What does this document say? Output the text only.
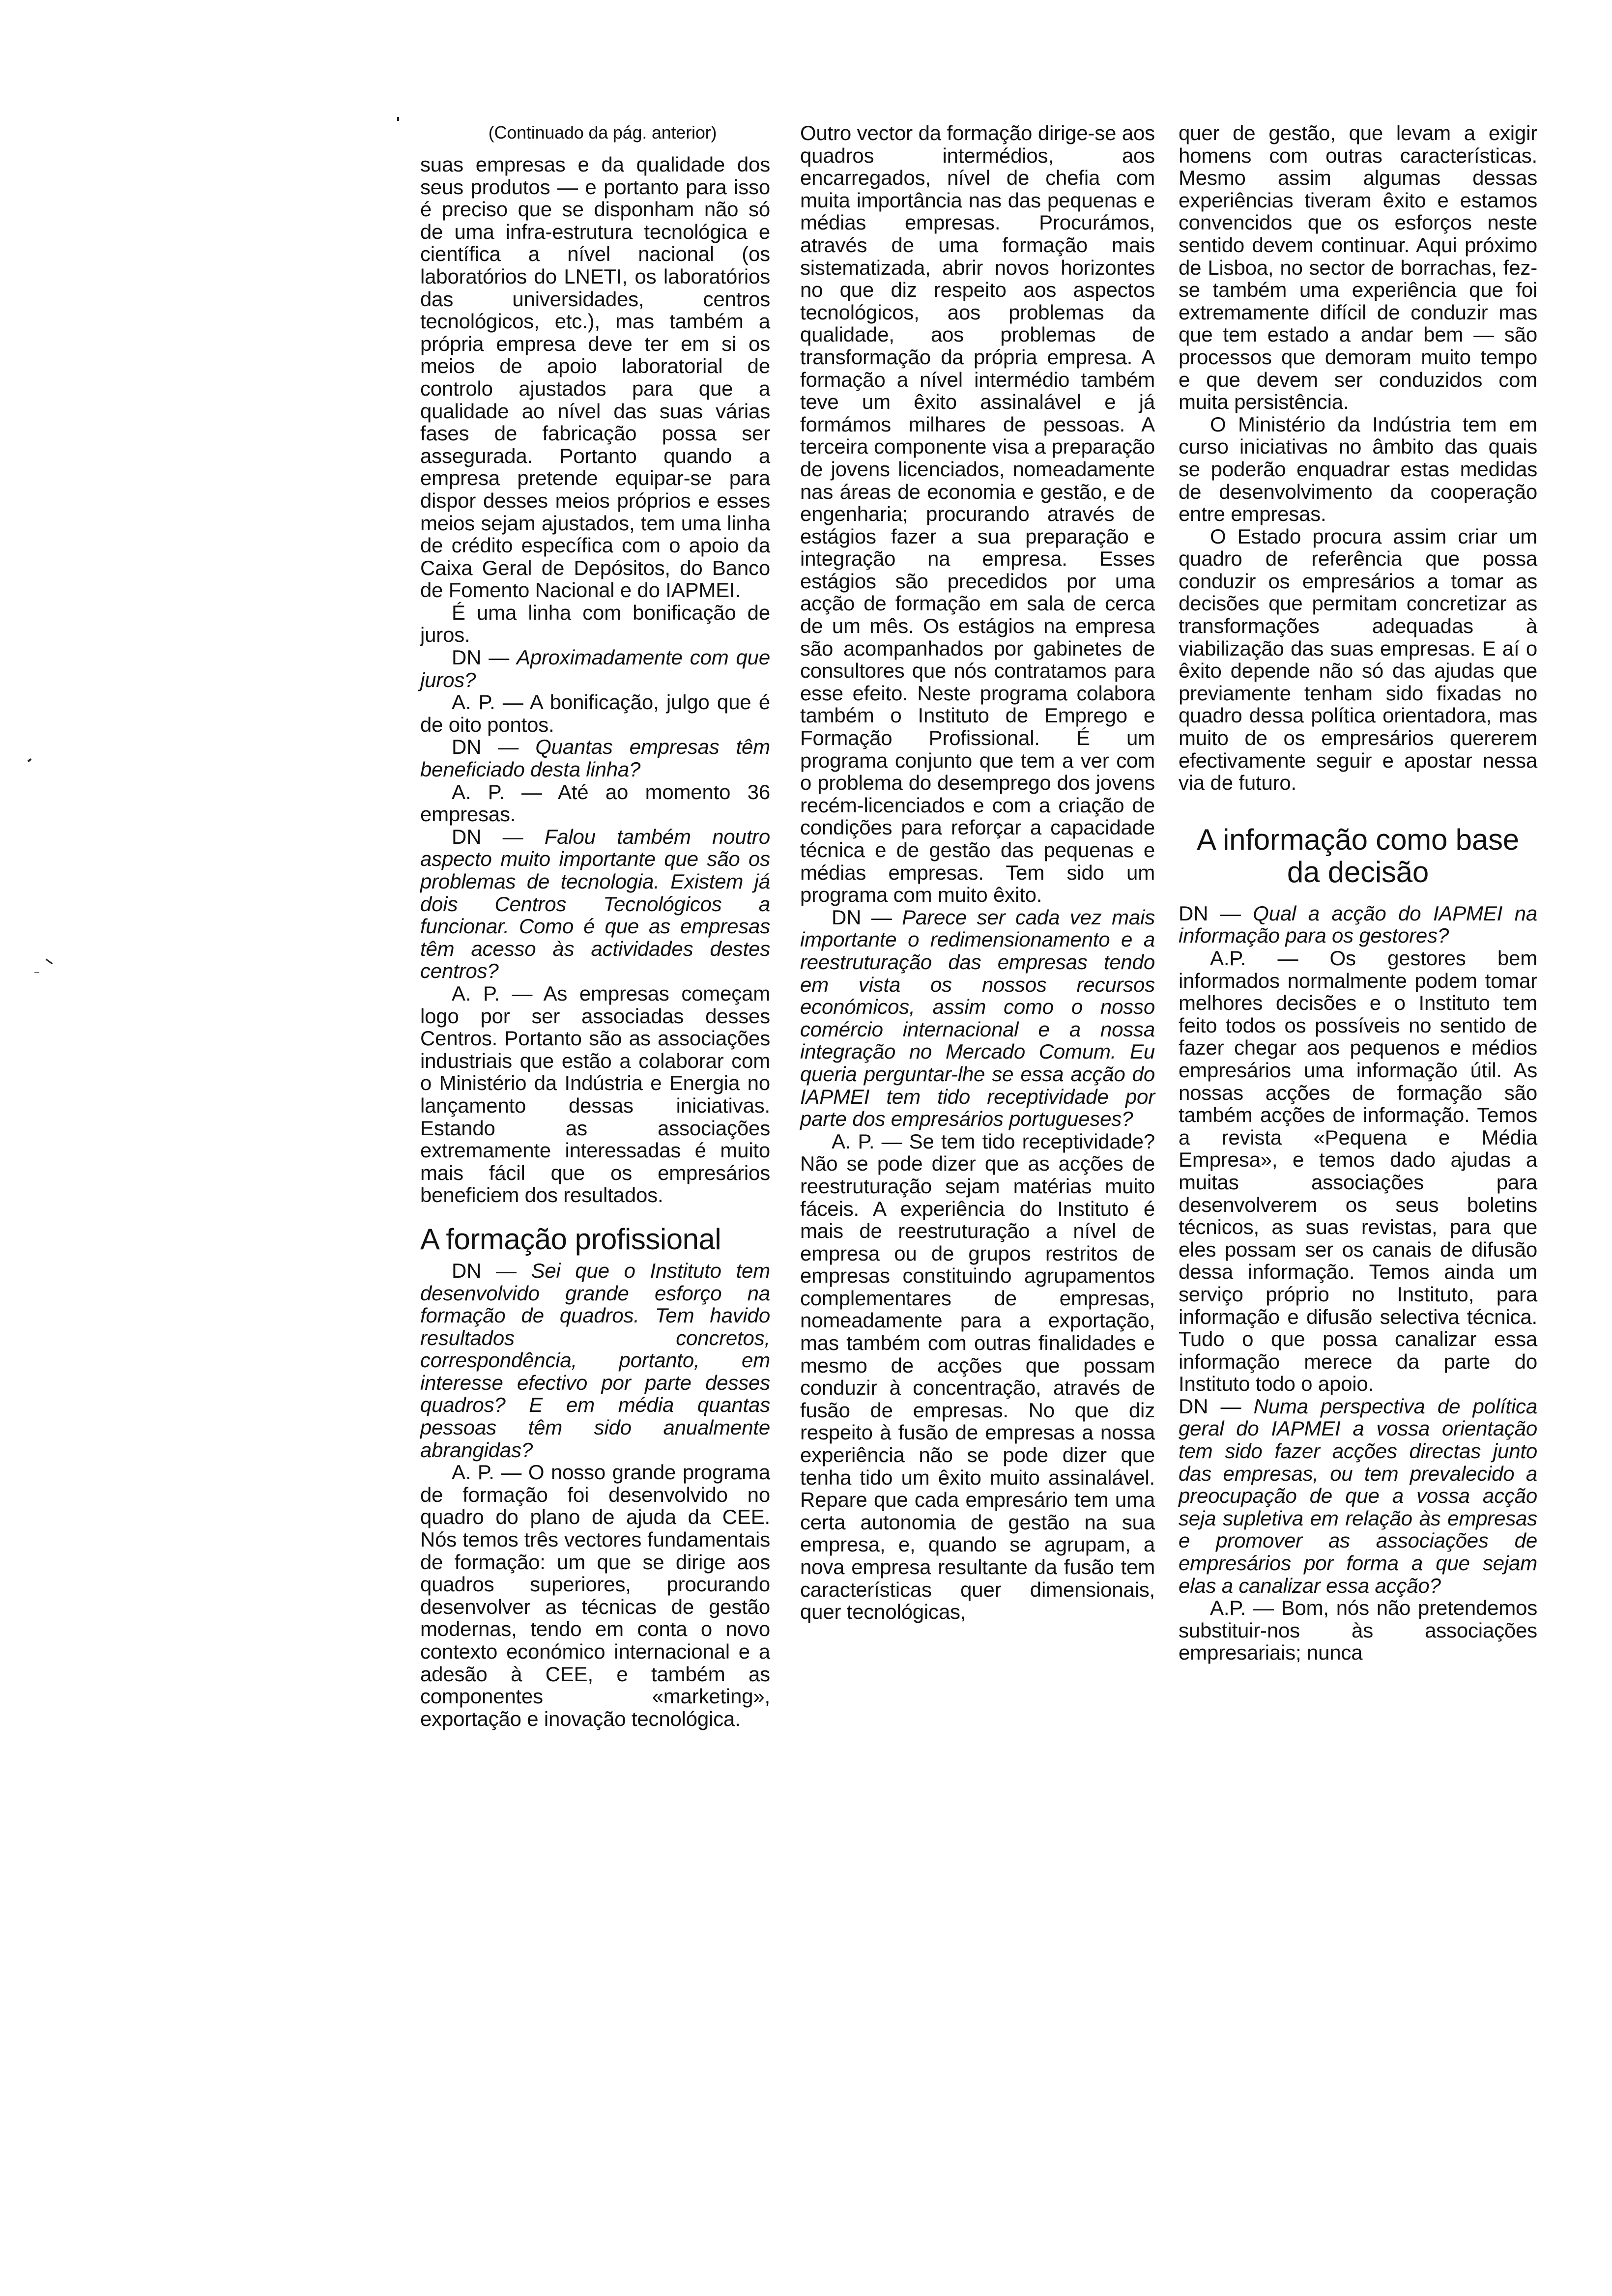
(Continuado da pág. anterior)

suas empresas e da qualidade dos seus produtos — e portanto para isso é preciso que se disponham não só de uma infra-estrutura tecnológica e científica a nível nacional (os laboratórios do LNETI, os laboratórios das universidades, centros tecnológicos, etc.), mas também a própria empresa deve ter em si os meios de apoio laboratorial de controlo ajustados para que a qualidade ao nível das suas várias fases de fabricação possa ser assegurada. Portanto quando a empresa pretende equipar-se para dispor desses meios próprios e esses meios sejam ajustados, tem uma linha de crédito específica com o apoio da Caixa Geral de Depósitos, do Banco de Fomento Nacional e do IAPMEI.

É uma linha com bonificação de juros.

DN — Aproximadamente com que juros?

A. P. — A bonificação, julgo que é de oito pontos.

DN — Quantas empresas têm beneficiado desta linha?

A. P. — Até ao momento 36 empresas.

DN — Falou também noutro aspecto muito importante que são os problemas de tecnologia. Existem já dois Centros Tecnológicos a funcionar. Como é que as empresas têm acesso às actividades destes centros?

A. P. — As empresas começam logo por ser associadas desses Centros. Portanto são as associações industriais que estão a colaborar com o Ministério da Indústria e Energia no lançamento dessas iniciativas. Estando as associações extremamente interessadas é muito mais fácil que os empresários beneficiem dos resultados.

A formação profissional

DN — Sei que o Instituto tem desenvolvido grande esforço na formação de quadros. Tem havido resultados concretos, correspondência, portanto, em interesse efectivo por parte desses quadros? E em média quantas pessoas têm sido anualmente abrangidas?

A. P. — O nosso grande programa de formação foi desenvolvido no quadro do plano de ajuda da CEE. Nós temos três vectores fundamentais de formação: um que se dirige aos quadros superiores, procurando desenvolver as técnicas de gestão modernas, tendo em conta o novo contexto económico internacional e a adesão à CEE, e também as componentes «marketing», exportação e inovação tecnológica.

Outro vector da formação dirige-se aos quadros intermédios, aos encarregados, nível de chefia com muita importância nas das pequenas e médias empresas. Procurámos, através de uma formação mais sistematizada, abrir novos horizontes no que diz respeito aos aspectos tecnológicos, aos problemas da qualidade, aos problemas de transformação da própria empresa. A formação a nível intermédio também teve um êxito assinalável e já formámos milhares de pessoas. A terceira componente visa a preparação de jovens licenciados, nomeadamente nas áreas de economia e gestão, e de engenharia; procurando através de estágios fazer a sua preparação e integração na empresa. Esses estágios são precedidos por uma acção de formação em sala de cerca de um mês. Os estágios na empresa são acompanhados por gabinetes de consultores que nós contratamos para esse efeito. Neste programa colabora também o Instituto de Emprego e Formação Profissional. É um programa conjunto que tem a ver com o problema do desemprego dos jovens recém-licenciados e com a criação de condições para reforçar a capacidade técnica e de gestão das pequenas e médias empresas. Tem sido um programa com muito êxito.

DN — Parece ser cada vez mais importante o redimensionamento e a reestruturação das empresas tendo em vista os nossos recursos económicos, assim como o nosso comércio internacional e a nossa integração no Mercado Comum. Eu queria perguntar-lhe se essa acção do IAPMEI tem tido receptividade por parte dos empresários portugueses?

A. P. — Se tem tido receptividade? Não se pode dizer que as acções de reestruturação sejam matérias muito fáceis. A experiência do Instituto é mais de reestruturação a nível de empresa ou de grupos restritos de empresas constituindo agrupamentos complementares de empresas, nomeadamente para a exportação, mas também com outras finalidades e mesmo de acções que possam conduzir à concentração, através de fusão de empresas. No que diz respeito à fusão de empresas a nossa experiência não se pode dizer que tenha tido um êxito muito assinalável. Repare que cada empresário tem uma certa autonomia de gestão na sua empresa, e, quando se agrupam, a nova empresa resultante da fusão tem características quer dimensionais, quer tecnológicas,

quer de gestão, que levam a exigir homens com outras características. Mesmo assim algumas dessas experiências tiveram êxito e estamos convencidos que os esforços neste sentido devem continuar. Aqui próximo de Lisboa, no sector de borrachas, fez-se também uma experiência que foi extremamente difícil de conduzir mas que tem estado a andar bem — são processos que demoram muito tempo e que devem ser conduzidos com muita persistência.

O Ministério da Indústria tem em curso iniciativas no âmbito das quais se poderão enquadrar estas medidas de desenvolvimento da cooperação entre empresas.

O Estado procura assim criar um quadro de referência que possa conduzir os empresários a tomar as decisões que permitam concretizar as transformações adequadas à viabilização das suas empresas. E aí o êxito depende não só das ajudas que previamente tenham sido fixadas no quadro dessa política orientadora, mas muito de os empresários quererem efectivamente seguir e apostar nessa via de futuro.

A informação como base da decisão

DN — Qual a acção do IAPMEI na informação para os gestores?

A.P. — Os gestores bem informados normalmente podem tomar melhores decisões e o Instituto tem feito todos os possíveis no sentido de fazer chegar aos pequenos e médios empresários uma informação útil. As nossas acções de formação são também acções de informação. Temos a revista «Pequena e Média Empresa», e temos dado ajudas a muitas associações para desenvolverem os seus boletins técnicos, as suas revistas, para que eles possam ser os canais de difusão dessa informação. Temos ainda um serviço próprio no Instituto, para informação e difusão selectiva técnica. Tudo o que possa canalizar essa informação merece da parte do Instituto todo o apoio.

DN — Numa perspectiva de política geral do IAPMEI a vossa orientação tem sido fazer acções directas junto das empresas, ou tem prevalecido a preocupação de que a vossa acção seja supletiva em relação às empresas e promover as associações de empresários por forma a que sejam elas a canalizar essa acção?

A.P. — Bom, nós não pretendemos substituir-nos às associações empresariais; nunca
